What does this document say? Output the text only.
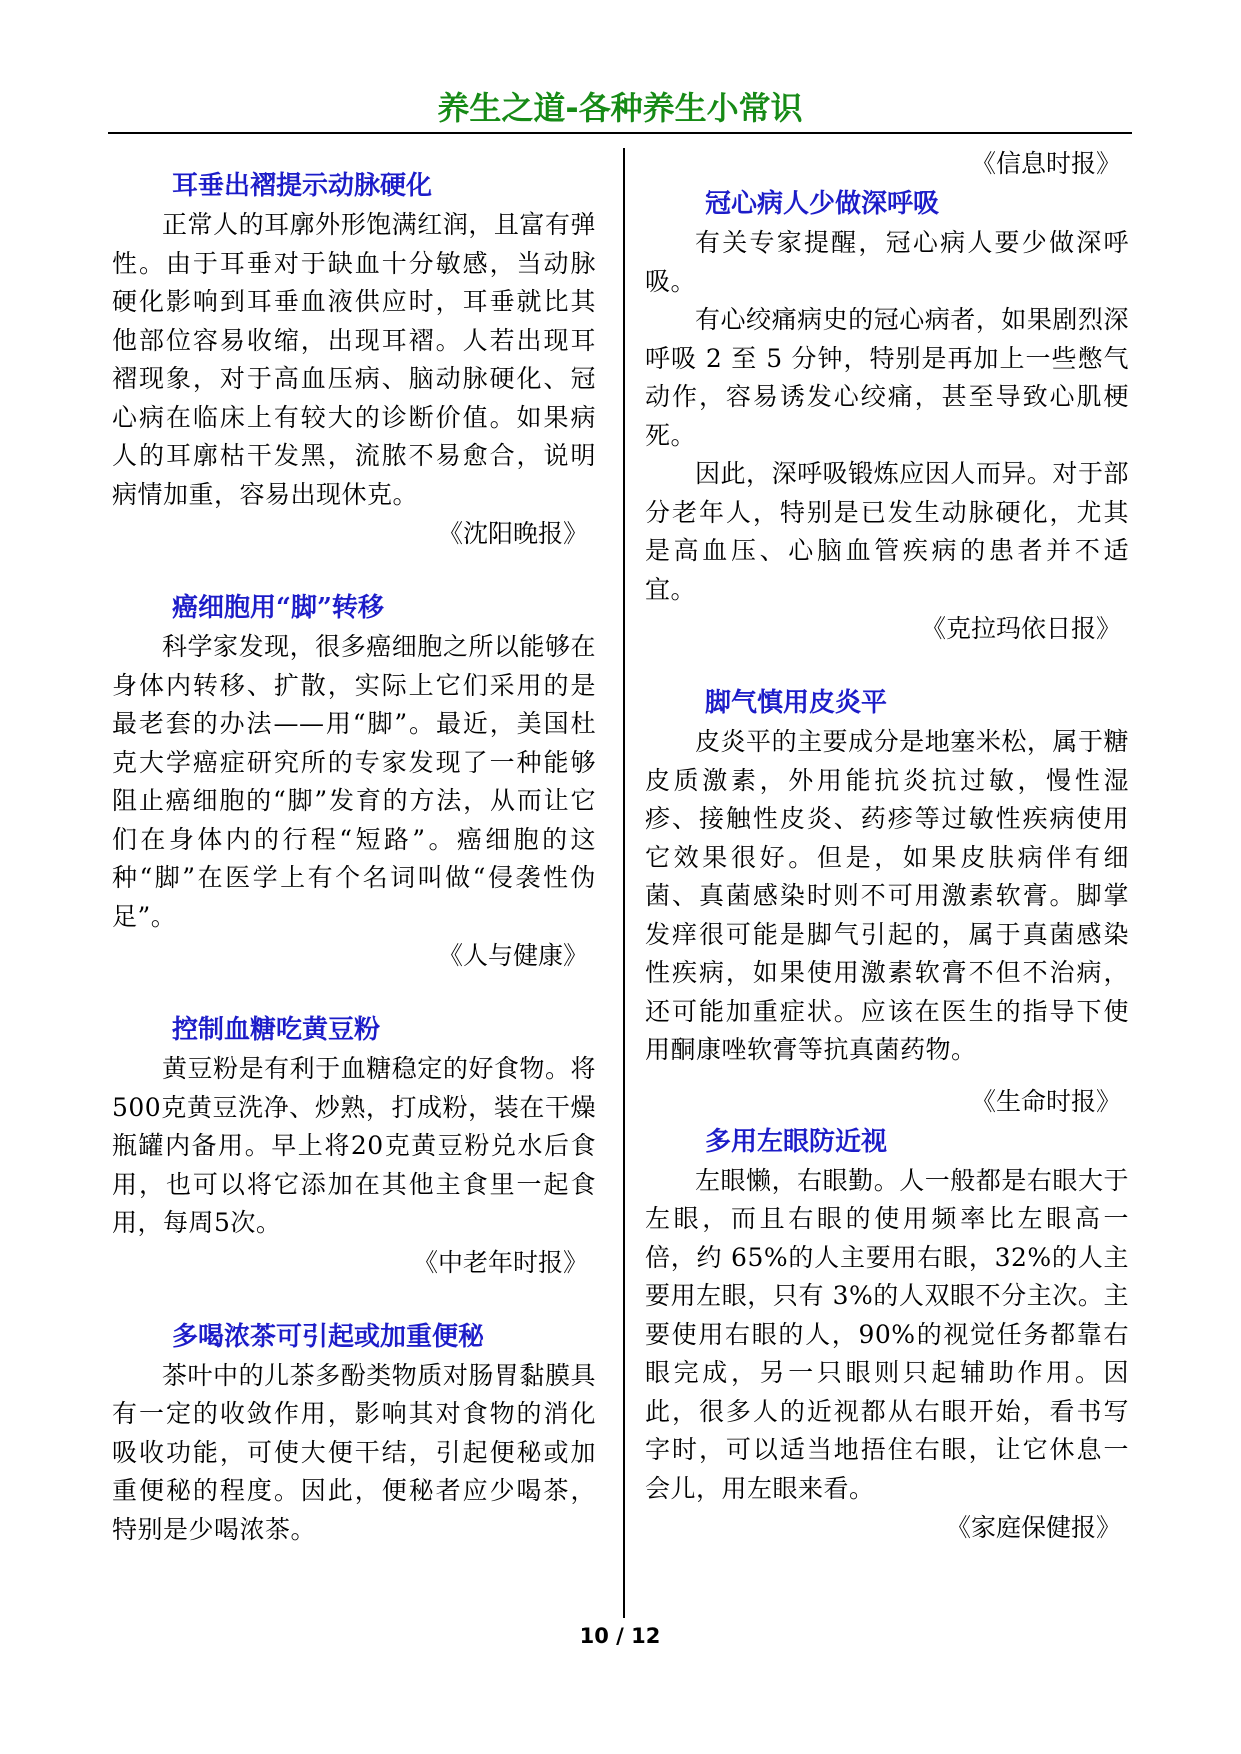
养生之道-各种养生小常识
耳垂出褶提示动脉硬化

正常人的耳廓外形饱满红润，且富有弹性。由于耳垂对于缺血十分敏感，当动脉硬化影响到耳垂血液供应时，耳垂就比其他部位容易收缩，出现耳褶。人若出现耳褶现象，对于高血压病、脑动脉硬化、冠心病在临床上有较大的诊断价值。如果病人的耳廓枯干发黑，流脓不易愈合，说明病情加重，容易出现休克。

《沈阳晚报》

癌细胞用“脚”转移

科学家发现，很多癌细胞之所以能够在身体内转移、扩散，实际上它们采用的是最老套的办法——用“脚”。最近，美国杜克大学癌症研究所的专家发现了一种能够阻止癌细胞的“脚”发育的方法，从而让它们在身体内的行程“短路”。癌细胞的这种“脚”在医学上有个名词叫做“侵袭性伪足”。

《人与健康》

控制血糖吃黄豆粉

黄豆粉是有利于血糖稳定的好食物。将500克黄豆洗净、炒熟，打成粉，装在干燥瓶罐内备用。早上将20克黄豆粉兑水后食用，也可以将它添加在其他主食里一起食用，每周5次。

《中老年时报》

多喝浓茶可引起或加重便秘

茶叶中的儿茶多酚类物质对肠胃黏膜具有一定的收敛作用，影响其对食物的消化吸收功能，可使大便干结，引起便秘或加重便秘的程度。因此，便秘者应少喝茶，特别是少喝浓茶。

《信息时报》

冠心病人少做深呼吸

有关专家提醒，冠心病人要少做深呼吸。

有心绞痛病史的冠心病者，如果剧烈深呼吸 2 至 5 分钟，特别是再加上一些憋气动作，容易诱发心绞痛，甚至导致心肌梗死。

因此，深呼吸锻炼应因人而异。对于部分老年人，特别是已发生动脉硬化，尤其是高血压、心脑血管疾病的患者并不适宜。

《克拉玛依日报》

脚气慎用皮炎平

皮炎平的主要成分是地塞米松，属于糖皮质激素，外用能抗炎抗过敏，慢性湿疹、接触性皮炎、药疹等过敏性疾病使用它效果很好。但是，如果皮肤病伴有细菌、真菌感染时则不可用激素软膏。脚掌发痒很可能是脚气引起的，属于真菌感染性疾病，如果使用激素软膏不但不治病，还可能加重症状。应该在医生的指导下使用酮康唑软膏等抗真菌药物。

《生命时报》

多用左眼防近视

左眼懒，右眼勤。人一般都是右眼大于左眼，而且右眼的使用频率比左眼高一倍，约 65%的人主要用右眼，32%的人主要用左眼，只有 3%的人双眼不分主次。主要使用右眼的人，90%的视觉任务都靠右眼完成，另一只眼则只起辅助作用。因此，很多人的近视都从右眼开始，看书写字时，可以适当地捂住右眼，让它休息一会儿，用左眼来看。

《家庭保健报》

10 / 12
